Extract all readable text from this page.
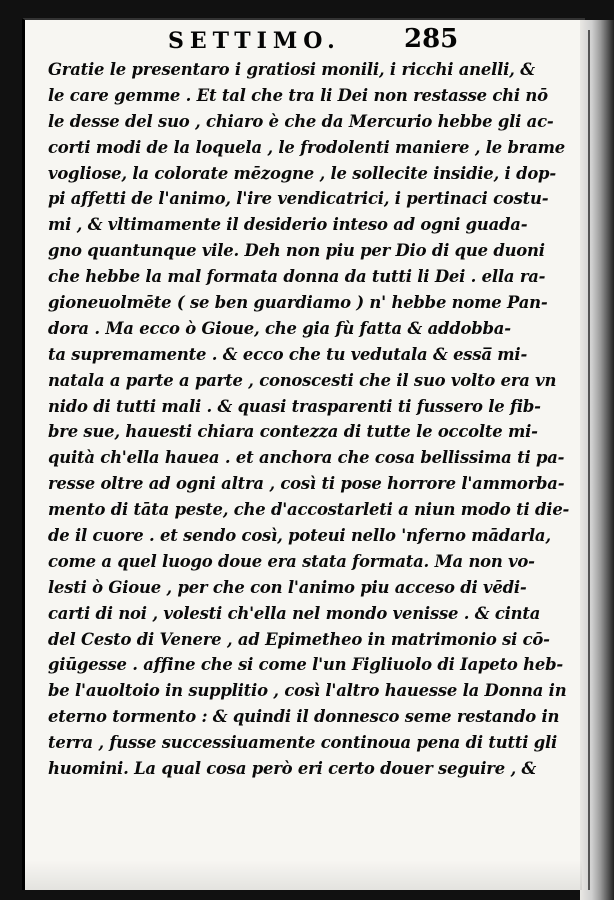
SETTIMO. 285
Gratie le presentaro i gratiosi monili, i ricchi anelli, &
le care gemme . Et tal che tra li Dei non restasse chi nō
le desse del suo , chiaro è che da Mercurio hebbe gli ac-
corti modi de la loquela , le frodolenti maniere , le brame
vogliose, la colorate mēzogne , le sollecite insidie, i dop-
pi affetti de l'animo, l'ire vendicatrici, i pertinaci costu-
mi , & vltimamente il desiderio inteso ad ogni guada-
gno quantunque vile. Deh non piu per Dio di que duoni
che hebbe la mal formata donna da tutti li Dei . ella ra-
gioneuolmēte ( se ben guardiamo ) n' hebbe nome Pan-
dora . Ma ecco ò Gioue, che gia fù fatta & addobba-
ta supremamente . & ecco che tu vedutala & essa̅ mi-
natala a parte a parte , conoscesti che il suo volto era vn
nido di tutti mali . & quasi trasparenti ti fussero le fib-
bre sue, hauesti chiara contezza di tutte le occolte mi-
quità ch'ella hauea . et anchora che cosa bellissima ti pa-
resse oltre ad ogni altra , così ti pose horrore l'ammorba-
mento di tāta peste, che d'accostarleti a niun modo ti die-
de il cuore . et sendo così, poteui nello 'nferno mādarla,
come a quel luogo doue era stata formata. Ma non vo-
lesti ò Gioue , per che con l'animo piu acceso di vēdi-
carti di noi , volesti ch'ella nel mondo venisse . & cinta
del Cesto di Venere , ad Epimetheo in matrimonio si cō-
giūgesse . affine che si come l'un Figliuolo di Iapeto heb-
be l'auoltoio in supplitio , così l'altro hauesse la Donna in
eterno tormento : & quindi il donnesco seme restando in
terra , fusse successiuamente continoua pena di tutti gli
huomini. La qual cosa però eri certo douer seguire , &
